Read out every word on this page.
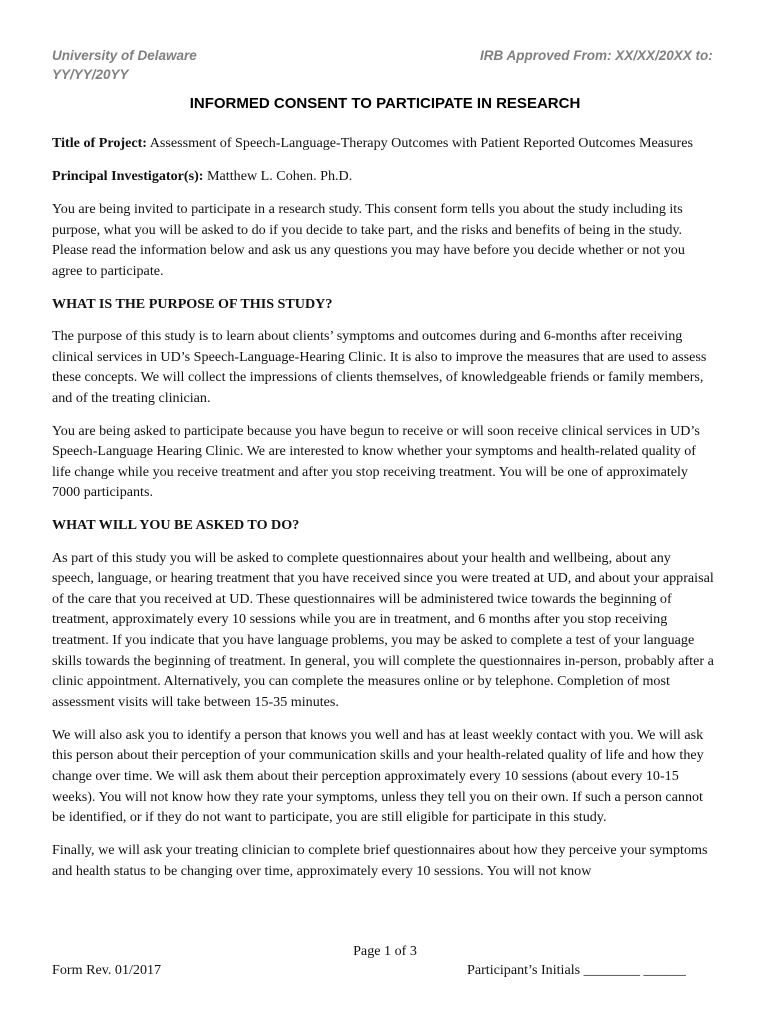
University of Delaware	IRB Approved From: XX/XX/20XX to:
YY/YY/20YY
INFORMED CONSENT TO PARTICIPATE IN RESEARCH

Title of Project: Assessment of Speech-Language-Therapy Outcomes with Patient Reported Outcomes Measures

Principal Investigator(s): Matthew L. Cohen. Ph.D.

You are being invited to participate in a research study. This consent form tells you about the study including its purpose, what you will be asked to do if you decide to take part, and the risks and benefits of being in the study. Please read the information below and ask us any questions you may have before you decide whether or not you agree to participate.

WHAT IS THE PURPOSE OF THIS STUDY?

The purpose of this study is to learn about clients’ symptoms and outcomes during and 6-months after receiving clinical services in UD’s Speech-Language-Hearing Clinic. It is also to improve the measures that are used to assess these concepts. We will collect the impressions of clients themselves, of knowledgeable friends or family members, and of the treating clinician.

You are being asked to participate because you have begun to receive or will soon receive clinical services in UD’s Speech-Language Hearing Clinic. We are interested to know whether your symptoms and health-related quality of life change while you receive treatment and after you stop receiving treatment. You will be one of approximately 7000 participants.

WHAT WILL YOU BE ASKED TO DO?

As part of this study you will be asked to complete questionnaires about your health and wellbeing, about any speech, language, or hearing treatment that you have received since you were treated at UD, and about your appraisal of the care that you received at UD. These questionnaires will be administered twice towards the beginning of treatment, approximately every 10 sessions while you are in treatment, and 6 months after you stop receiving treatment. If you indicate that you have language problems, you may be asked to complete a test of your language skills towards the beginning of treatment. In general, you will complete the questionnaires in-person, probably after a clinic appointment. Alternatively, you can complete the measures online or by telephone. Completion of most assessment visits will take between 15-35 minutes.

We will also ask you to identify a person that knows you well and has at least weekly contact with you. We will ask this person about their perception of your communication skills and your health-related quality of life and how they change over time. We will ask them about their perception approximately every 10 sessions (about every 10-15 weeks). You will not know how they rate your symptoms, unless they tell you on their own. If such a person cannot be identified, or if they do not want to participate, you are still eligible for participate in this study.

Finally, we will ask your treating clinician to complete brief questionnaires about how they perceive your symptoms and health status to be changing over time, approximately every 10 sessions. You will not know

Page 1 of 3
Form Rev. 01/2017	Participant’s Initials ________ ______
